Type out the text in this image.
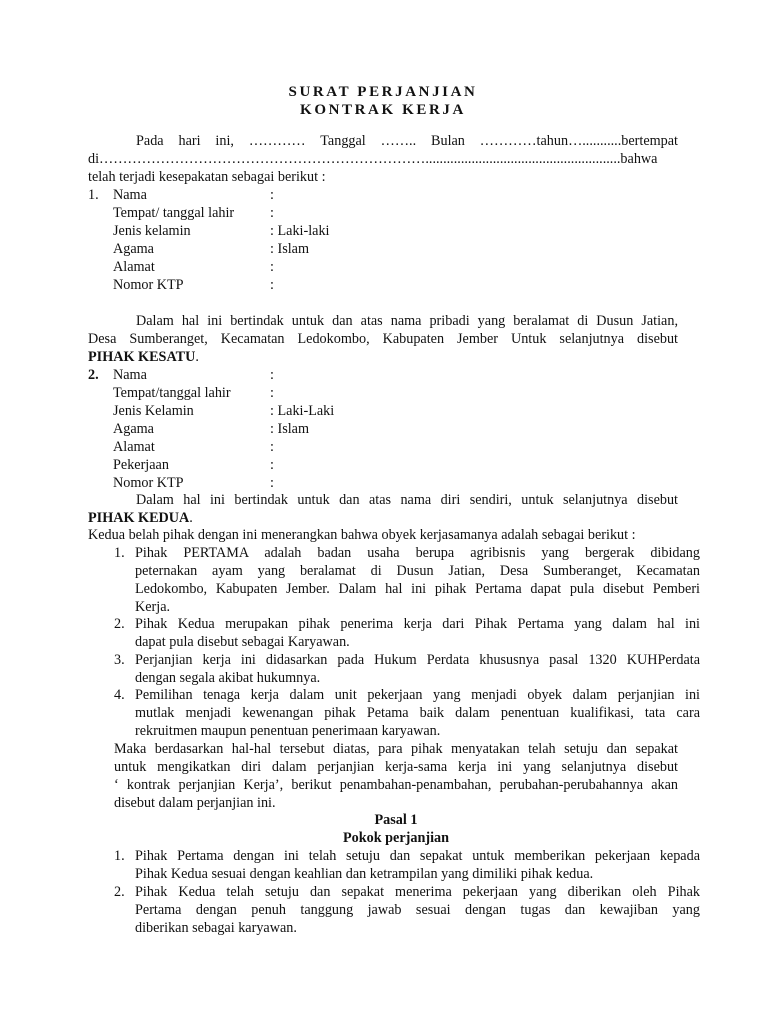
SURAT PERJANJIAN
KONTRAK KERJA
Pada hari ini, ………… Tanggal …….. Bulan …………tahun…...........bertempat
di…………………………………………………………….......................................................bahwa
telah terjadi kesepakatan sebagai berikut :
1. Nama	:
Tempat/ tanggal lahir	:
Jenis kelamin	: Laki-laki
Agama	: Islam
Alamat	:
Nomor KTP	:
Dalam hal ini bertindak untuk dan atas nama pribadi yang beralamat di Dusun Jatian,
Desa Sumberanget, Kecamatan Ledokombo, Kabupaten Jember Untuk selanjutnya disebut
PIHAK KESATU.
2. Nama	:
Tempat/tanggal lahir	:
Jenis Kelamin	: Laki-Laki
Agama	: Islam
Alamat	:
Pekerjaan	:
Nomor KTP	:
Dalam hal ini bertindak untuk dan atas nama diri sendiri, untuk selanjutnya disebut
PIHAK KEDUA.
Kedua belah pihak dengan ini menerangkan bahwa obyek kerjasamanya adalah sebagai berikut :
1. Pihak PERTAMA adalah badan usaha berupa agribisnis yang bergerak dibidang
peternakan ayam yang beralamat di Dusun Jatian, Desa Sumberanget, Kecamatan
Ledokombo, Kabupaten Jember. Dalam hal ini pihak Pertama dapat pula disebut Pemberi
Kerja.
2. Pihak Kedua merupakan pihak penerima kerja dari Pihak Pertama yang dalam hal ini
dapat pula disebut sebagai Karyawan.
3. Perjanjian kerja ini didasarkan pada Hukum Perdata khususnya pasal 1320 KUHPerdata
dengan segala akibat hukumnya.
4. Pemilihan tenaga kerja dalam unit pekerjaan yang menjadi obyek dalam perjanjian ini
mutlak menjadi kewenangan pihak Petama baik dalam penentuan kualifikasi, tata cara
rekruitmen maupun penentuan penerimaan karyawan.
Maka berdasarkan hal-hal tersebut diatas, para pihak menyatakan telah setuju dan sepakat
untuk mengikatkan diri dalam perjanjian kerja-sama kerja ini yang selanjutnya disebut
‘ kontrak perjanjian Kerja’, berikut penambahan-penambahan, perubahan-perubahannya akan
disebut dalam perjanjian ini.
Pasal 1
Pokok perjanjian
1. Pihak Pertama dengan ini telah setuju dan sepakat untuk memberikan pekerjaan kepada
Pihak Kedua sesuai dengan keahlian dan ketrampilan yang dimiliki pihak kedua.
2. Pihak Kedua telah setuju dan sepakat menerima pekerjaan yang diberikan oleh Pihak
Pertama dengan penuh tanggung jawab sesuai dengan tugas dan kewajiban yang
diberikan sebagai karyawan.
